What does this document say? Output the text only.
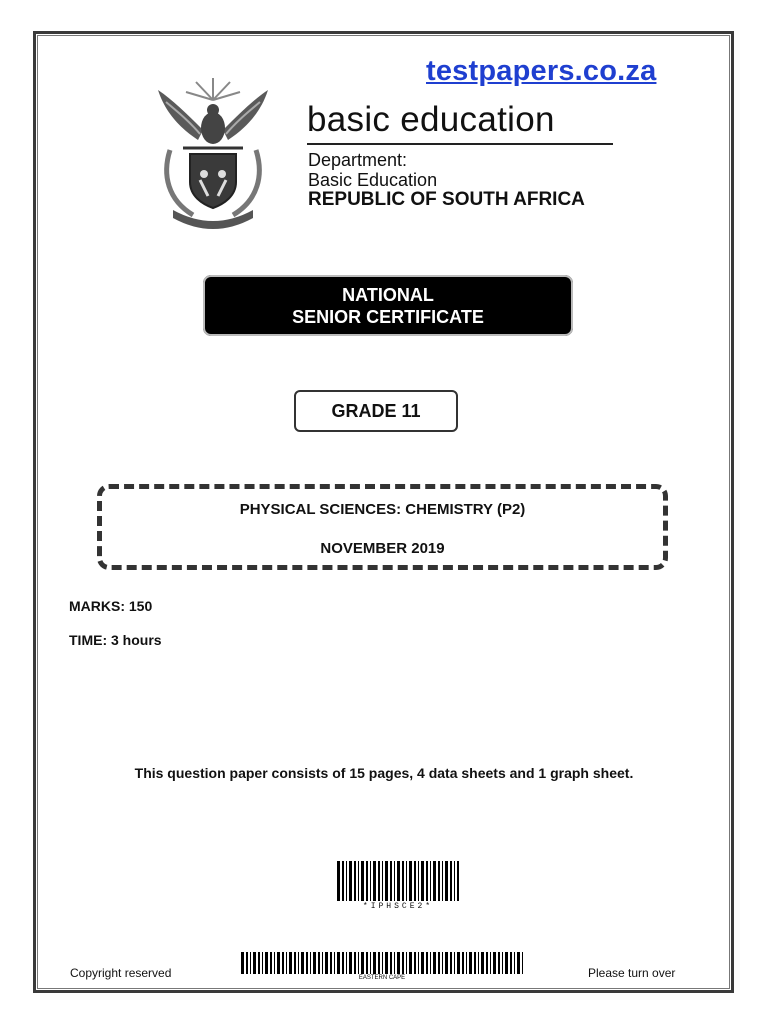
testpapers.co.za
basic education
Department:
Basic Education
REPUBLIC OF SOUTH AFRICA
NATIONAL
SENIOR CERTIFICATE
GRADE 11
PHYSICAL SCIENCES: CHEMISTRY (P2)
NOVEMBER 2019
MARKS: 150
TIME: 3 hours
This question paper consists of 15 pages, 4 data sheets and 1 graph sheet.
*IPHSCE2*
EASTERN CAPE
Copyright reserved	Please turn over
